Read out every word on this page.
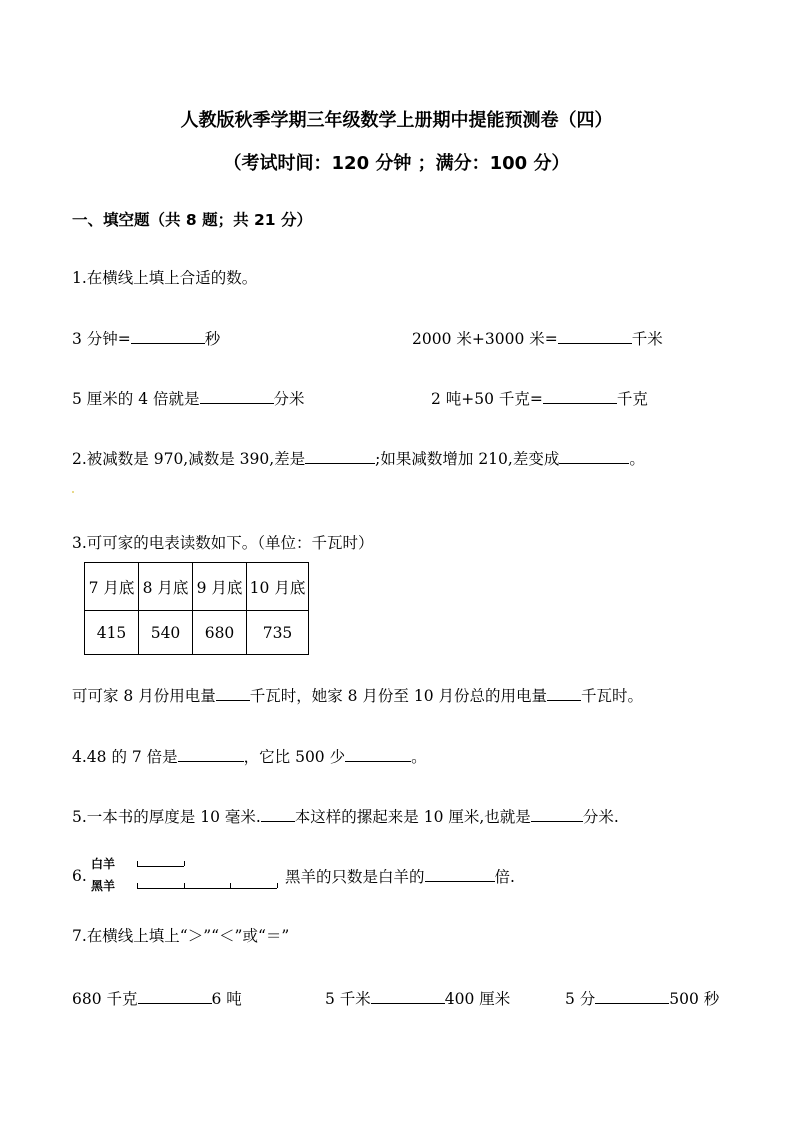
人教版秋季学期三年级数学上册期中提能预测卷（四）
（考试时间：120 分钟 ；满分：100 分）
一、填空题（共 8 题；共 21 分）
1.在横线上填上合适的数。
3 分钟=	秒	2000 米+3000 米=	千米
5 厘米的 4 倍就是	分米	2 吨+50 千克=	千克
2.被减数是 970,减数是 390,差是	;如果减数增加 210,差变成	。
3.可可家的电表读数如下。（单位：千瓦时）
7 月底	8 月底	9 月底	10 月底
415	540	680	735
可可家 8 月份用电量 千瓦时，她家 8 月份至 10 月份总的用电量 千瓦时。
4.48 的 7 倍是	，它比 500 少	。
5.一本书的厚度是 10 毫米. 本这样的摞起来是 10 厘米,也就是	分米.
6.
白羊
黑羊	黑羊的只数是白羊的	倍.
7.在横线上填上“＞”“＜”或“＝”
680 千克	6 吨	5 千米	400 厘米	5 分	500 秒
